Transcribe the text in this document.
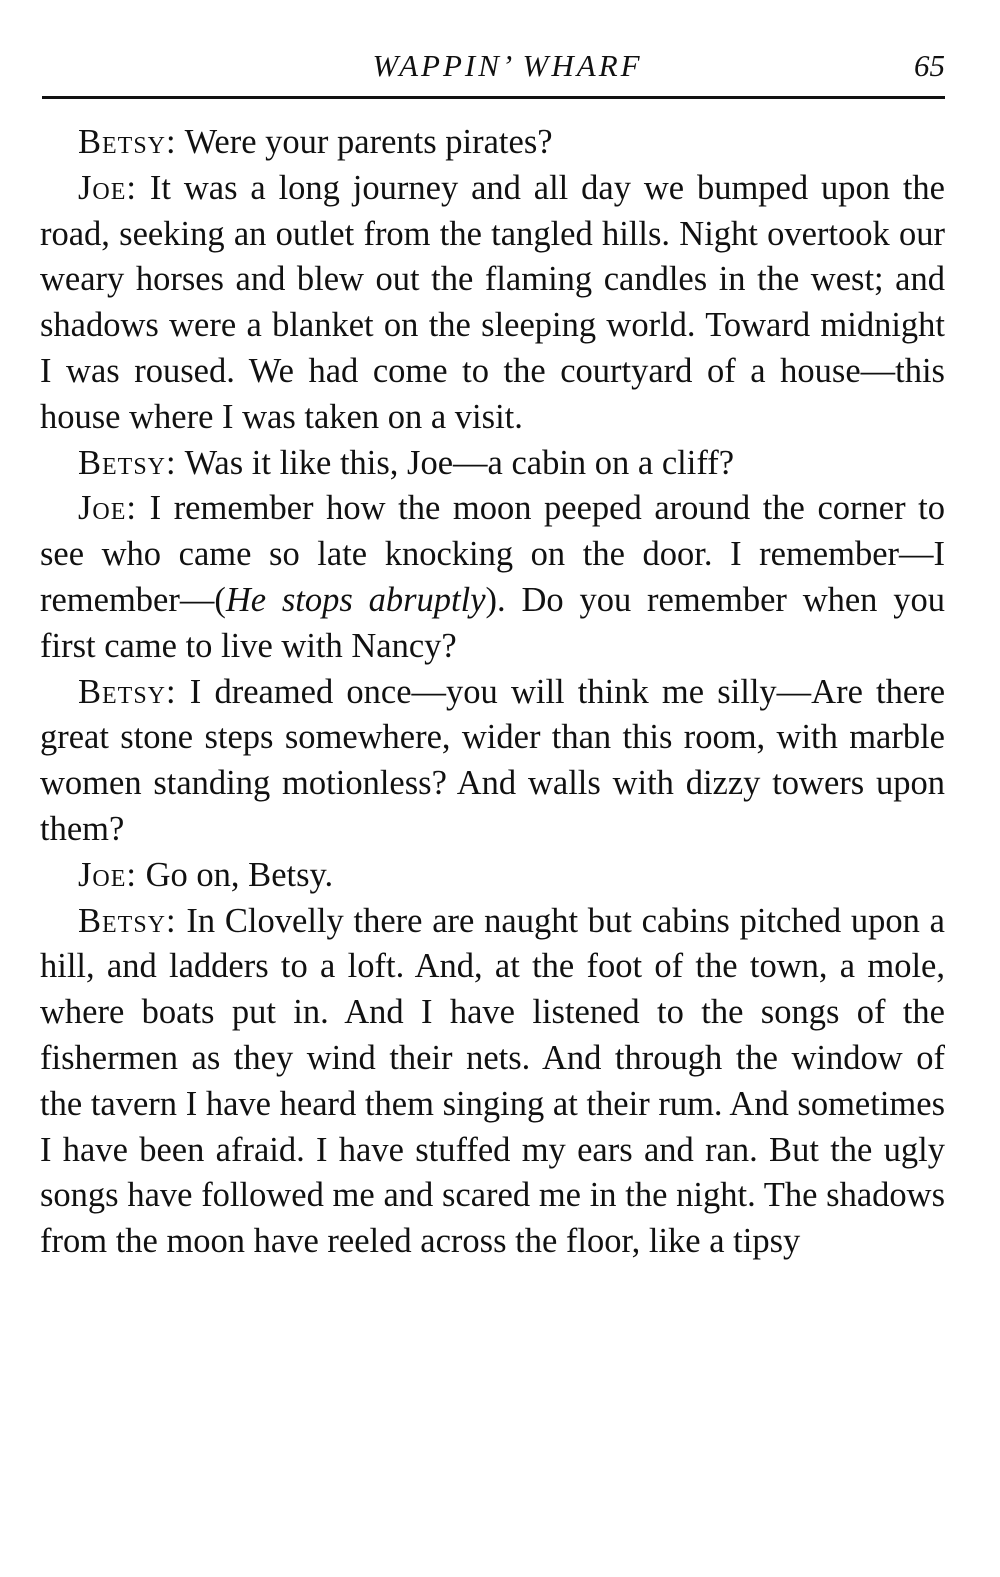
WAPPIN’ WHARF	65

Betsy: Were your parents pirates?

Joe: It was a long journey and all day we bumped upon the road, seeking an outlet from the tangled hills. Night overtook our weary horses and blew out the flaming candles in the west; and shadows were a blanket on the sleeping world. Toward midnight I was roused. We had come to the courtyard of a house—this house where I was taken on a visit.

Betsy: Was it like this, Joe—a cabin on a cliff?

Joe: I remember how the moon peeped around the corner to see who came so late knocking on the door. I remember—I remember—(He stops abruptly). Do you remember when you first came to live with Nancy?

Betsy: I dreamed once—you will think me silly—Are there great stone steps somewhere, wider than this room, with marble women standing motionless? And walls with dizzy towers upon them?

Joe: Go on, Betsy.

Betsy: In Clovelly there are naught but cabins pitched upon a hill, and ladders to a loft. And, at the foot of the town, a mole, where boats put in. And I have listened to the songs of the fishermen as they wind their nets. And through the window of the tavern I have heard them singing at their rum. And sometimes I have been afraid. I have stuffed my ears and ran. But the ugly songs have followed me and scared me in the night. The shadows from the moon have reeled across the floor, like a tipsy
